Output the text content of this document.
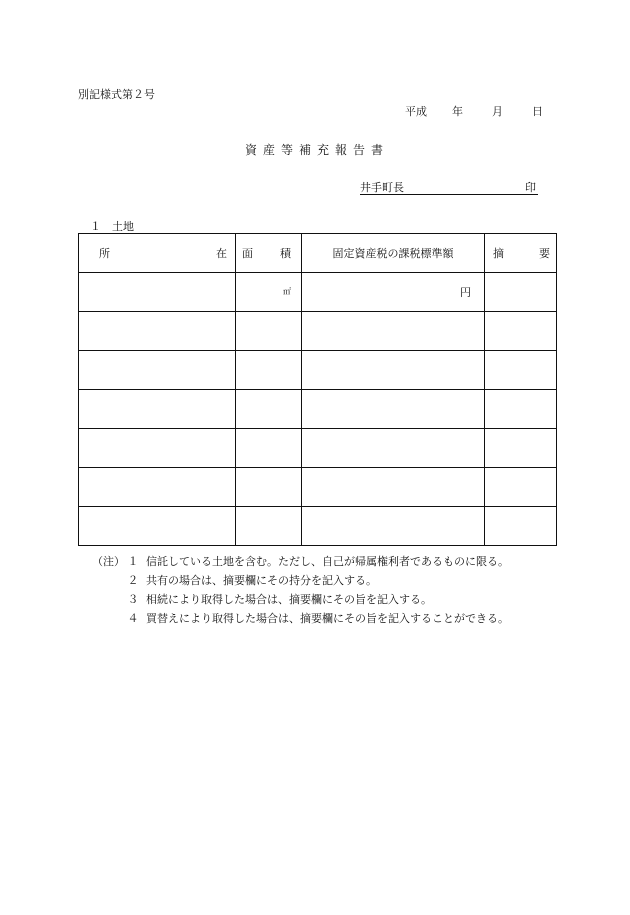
別記様式第２号
平成 年	月	日
資産等補充報告書
井手町長	印
１　土地
所 在	面 積	固定資産税の課税標準額	摘 要

	㎡	円	

（注） １ 信託している土地を含む。ただし、自己が帰属権利者であるものに限る。
２ 共有の場合は、摘要欄にその持分を記入する。
３ 相続により取得した場合は、摘要欄にその旨を記入する。
４ 買替えにより取得した場合は、摘要欄にその旨を記入することができる。
